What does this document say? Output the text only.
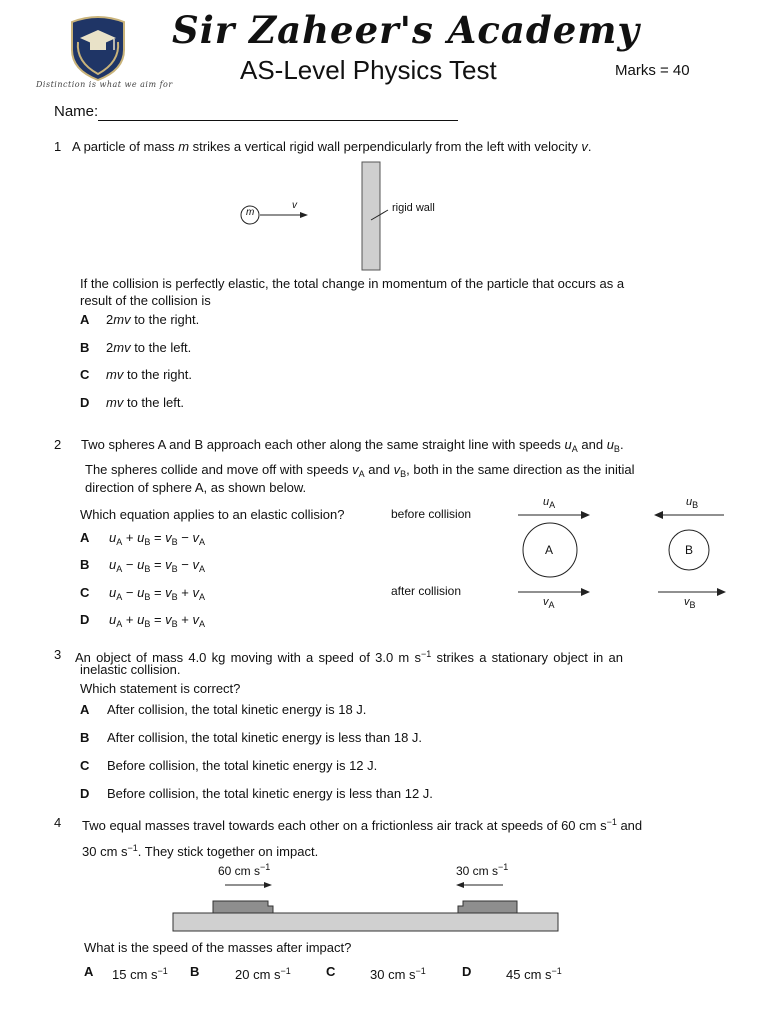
Distinction is what we aim for
Sir Zaheer's Academy
AS-Level Physics Test	Marks = 40
Name:
1 A particle of mass m strikes a vertical rigid wall perpendicularly from the left with velocity v.
m
v	rigid wall
If the collision is perfectly elastic, the total change in momentum of the particle that occurs as a
result of the collision is
A 2mv to the right.
B 2mv to the left.
C mv to the right.
D mv to the left.
2 Two spheres A and B approach each other along the same straight line with speeds $u_A$ and $u_B$.
The spheres collide and move off with speeds $v_A$ and $v_B$, both in the same direction as the initial
direction of sphere A, as shown below.
Which equation applies to an elastic collision?
A $u_A + u_B = v_B - v_A$
B $u_A - u_B = v_B - v_A$
C $u_A - u_B = v_B + v_A$
D $u_A + u_B = v_B + v_A$
before collision
after collision
A	B
$u_A$	$u_B$
$v_A$	$v_B$
3 An object of mass 4.0 kg moving with a speed of 3.0 m $s^{-1}$ strikes a stationary object in an
inelastic collision.
Which statement is correct?
A After collision, the total kinetic energy is 18 J.
B After collision, the total kinetic energy is less than 18 J.
C Before collision, the total kinetic energy is 12 J.
D Before collision, the total kinetic energy is less than 12 J.
4 Two equal masses travel towards each other on a frictionless air track at speeds of 60 cm $s^{-1}$ and
30 cm $s^{-1}$. They stick together on impact.
60 cm $s^{-1}$	30 cm $s^{-1}$
What is the speed of the masses after impact?
A 15 cm $s^{-1}$ B	20 cm $s^{-1}$	C	30 cm $s^{-1}$	D	45 cm $s^{-1}$
